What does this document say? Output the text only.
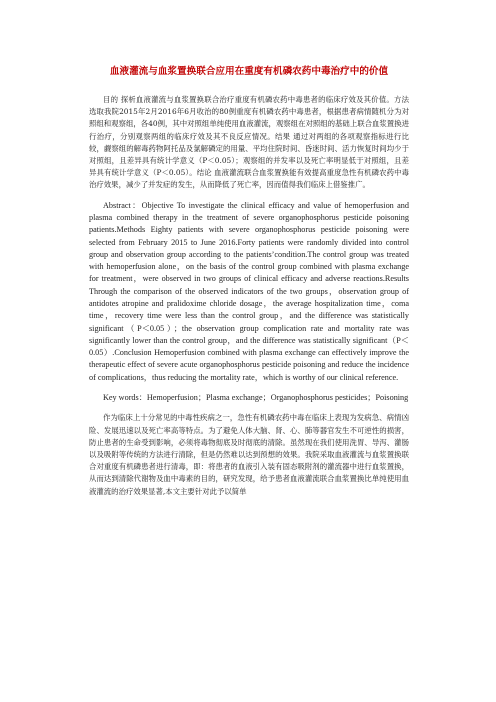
血液灌流与血浆置换联合应用在重度有机磷农药中毒治疗中的价值

目的 探析血液灌流与血浆置换联合治疗重度有机磷农药中毒患者的临床疗效及其价值。方法 选取我院2015年2月2016年6月收治的80例重度有机磷农药中毒患者，根据患者病情随机分为对照组和观察组，各40例，其中对照组单纯使用血液灌流，观察组在对照组的基础上联合血浆置换进行治疗，分别观察两组的临床疗效及其不良反应情况。结果 通过对两组的各项观察指标进行比较，觑察组的解毒药物阿托品及氯解磷定的用量、平均住院时间、昏迷时间、活力恢复时间均少于对照组，且差异具有统计学意义（P＜0.05）；观察组的并发率以及死亡率明显低于对照组，且差异具有统计学意义（P＜0.05）。结论 血液灌流联合血浆置换能有效提高重度急性有机磷农药中毒治疗效果，减少了并发症的发生，从而降低了死亡率，因而值得我们临床上借鉴推广。

Abstract：Objective To investigate the clinical efficacy and value of hemoperfusion and plasma combined therapy in the treatment of severe organophosphorus pesticide poisoning patients.Methods Eighty patients with severe organophosphorus pesticide poisoning were selected from February 2015 to June 2016.Forty patients were randomly divided into control group and observation group according to the patients’condition.The control group was treated with hemoperfusion alone，on the basis of the control group combined with plasma exchange for treatment，were observed in two groups of clinical efficacy and adverse reactions.Results Through the comparison of the observed indicators of the two groups，observation group of antidotes atropine and pralidoxime chloride dosage，the average hospitalization time，coma time，recovery time were less than the control group，and the difference was statistically significant（P＜0.05）；the observation group complication rate and mortality rate was significantly lower than the control group，and the difference was statistically significant（P＜0.05）.Conclusion Hemoperfusion combined with plasma exchange can effectively improve the therapeutic effect of severe acute organophosphorus pesticide poisoning and reduce the incidence of complications，thus reducing the mortality rate，which is worthy of our clinical reference.

Key words：Hemoperfusion；Plasma exchange；Organophosphorus pesticides；Poisoning

作为临床上十分常见的中毒性疾病之一，急性有机磷农药中毒在临床上表现为发病急、病情凶险、发展迅速以及死亡率高等特点。为了避免人体大脑、肾、心、肺等器官发生不可逆性的损害，防止患者的生命受到影响，必须将毒物彻底及时彻底的清除。虽然现在我们使用洗胃、导泻、灌肠以及吸附等传统的方法进行清除，但是仍然难以达到预想的效果。我院采取血液灌流与血浆置换联合对重度有机磷患者进行清毒，即：将患者的血液引入装有固态吸附剂的灌流器中进行血浆置换，从而达到清除代谢物及血中毒素的目的，研究发现，给予患者血液灌流联合血浆置换比单纯使用血液灌流的治疗效果显著,本文主要针对此予以简单
